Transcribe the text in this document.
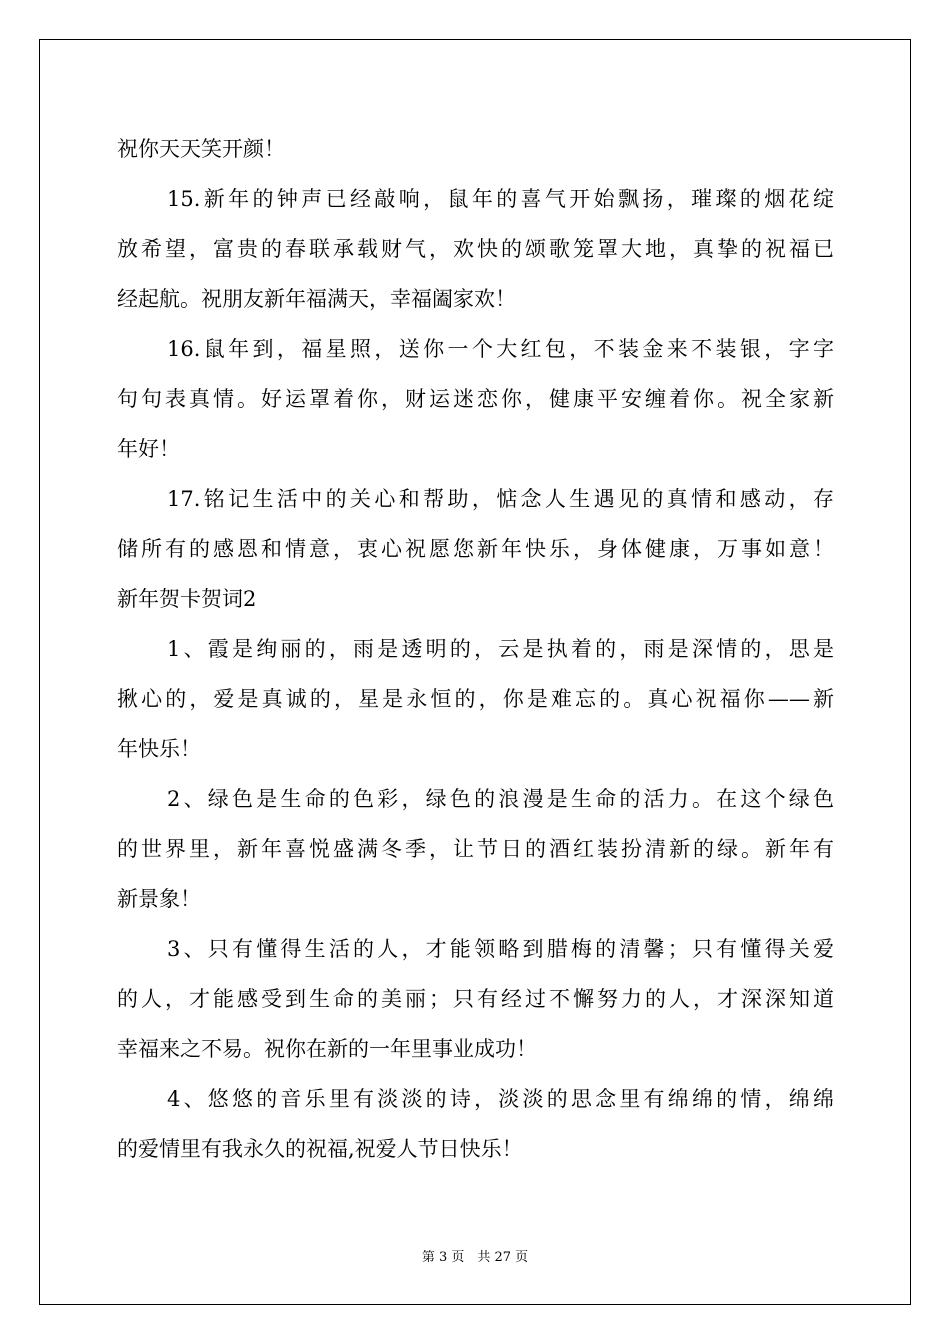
祝你天天笑开颜！
15.新年的钟声已经敲响，鼠年的喜气开始飘扬，璀璨的烟花绽
放希望，富贵的春联承载财气，欢快的颂歌笼罩大地，真挚的祝福已
经起航。祝朋友新年福满天，幸福阖家欢！
16.鼠年到，福星照，送你一个大红包，不装金来不装银，字字
句句表真情。好运罩着你，财运迷恋你，健康平安缠着你。祝全家新
年好！
17.铭记生活中的关心和帮助，惦念人生遇见的真情和感动，存
储所有的感恩和情意，衷心祝愿您新年快乐，身体健康，万事如意！
新年贺卡贺词2
1、霞是绚丽的，雨是透明的，云是执着的，雨是深情的，思是
揪心的，爱是真诚的，星是永恒的，你是难忘的。真心祝福你——新
年快乐！
2、绿色是生命的色彩，绿色的浪漫是生命的活力。在这个绿色
的世界里，新年喜悦盛满冬季，让节日的酒红装扮清新的绿。新年有
新景象！
3、只有懂得生活的人，才能领略到腊梅的清馨；只有懂得关爱
的人，才能感受到生命的美丽；只有经过不懈努力的人，才深深知道
幸福来之不易。祝你在新的一年里事业成功！
4、悠悠的音乐里有淡淡的诗，淡淡的思念里有绵绵的情，绵绵
的爱情里有我永久的祝福,祝爱人节日快乐！
第 3 页　共 27 页
